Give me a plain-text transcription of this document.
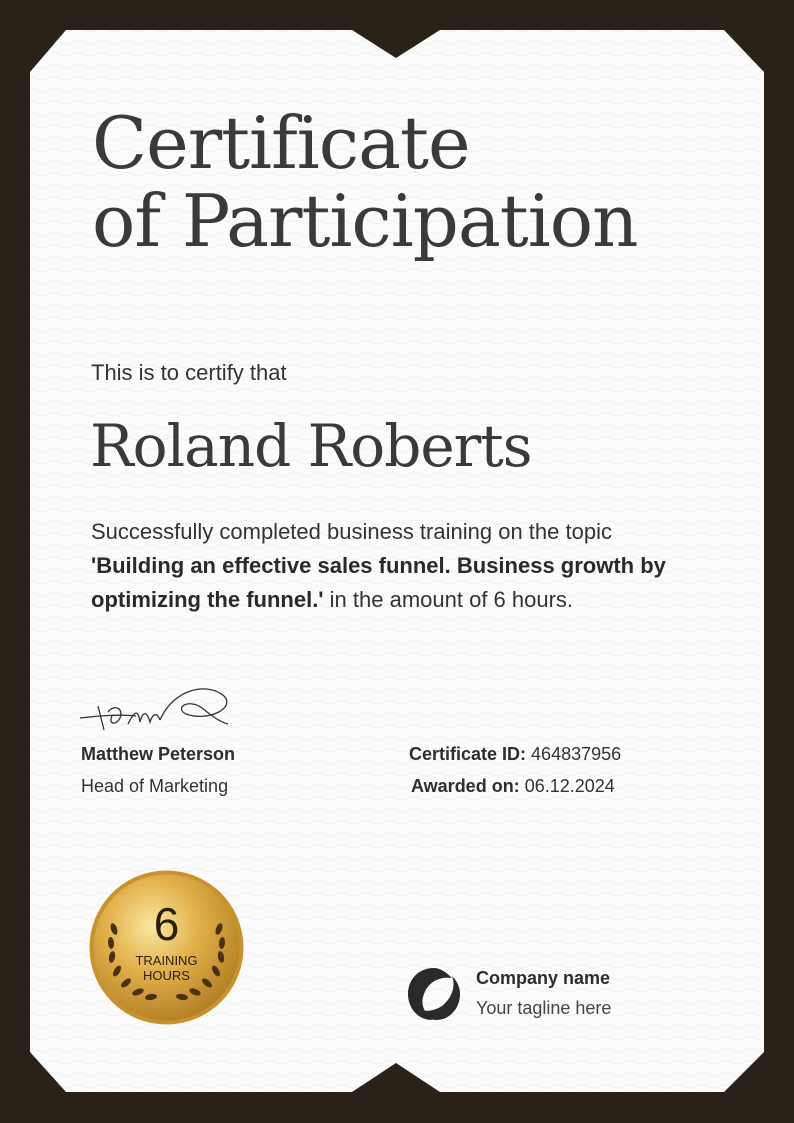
Certificate
of Participation
This is to certify that
Roland Roberts
Successfully completed business training on the topic 'Building an effective sales funnel. Business growth by optimizing the funnel.' in the amount of 6 hours.
Matthew Peterson
Head of Marketing
Certificate ID: 464837956
Awarded on: 06.12.2024
6
TRAINING HOURS	Company name
Your tagline here
